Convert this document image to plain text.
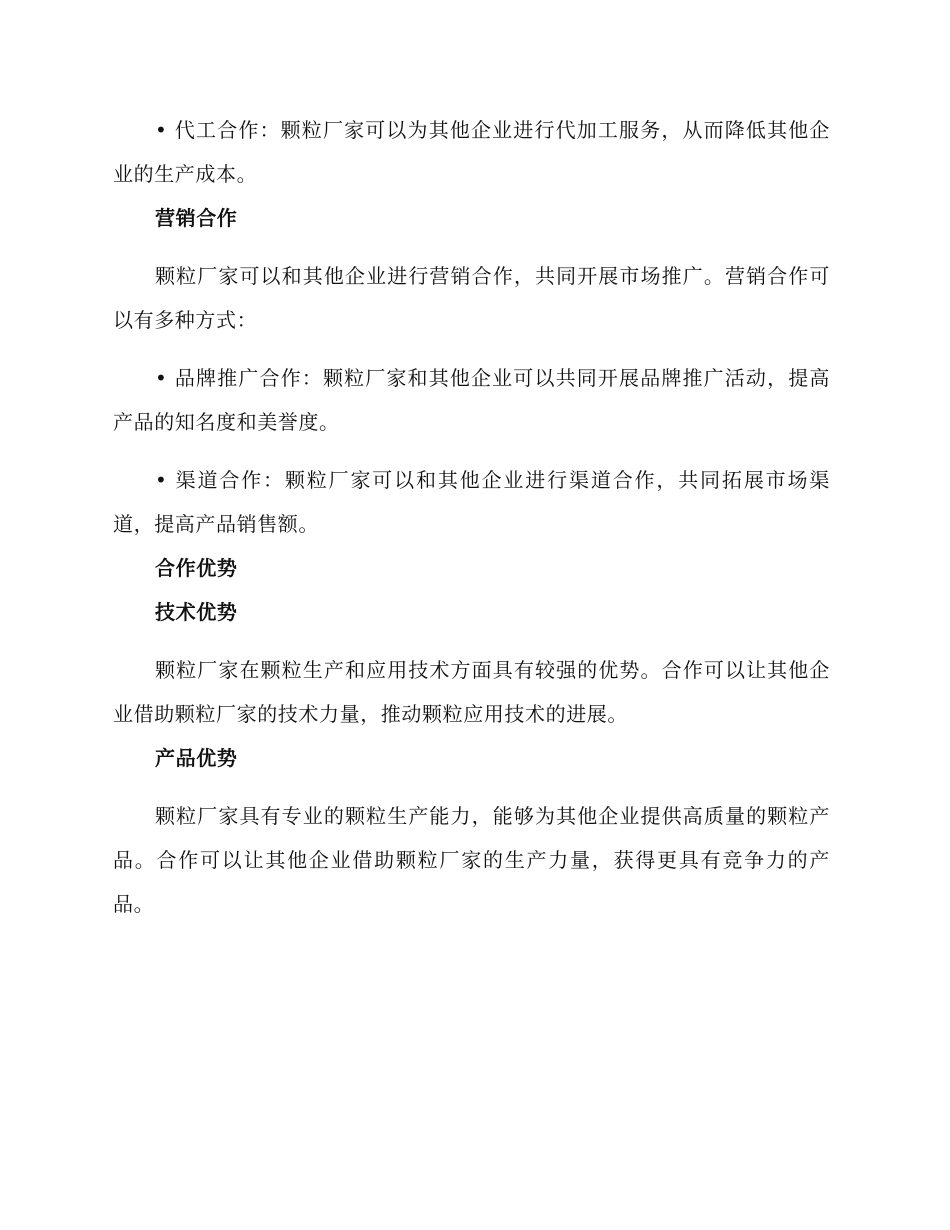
• 代工合作：颗粒厂家可以为其他企业进行代加工服务，从而降低其他企业的生产成本。

营销合作

颗粒厂家可以和其他企业进行营销合作，共同开展市场推广。营销合作可以有多种方式：

• 品牌推广合作：颗粒厂家和其他企业可以共同开展品牌推广活动，提高产品的知名度和美誉度。

• 渠道合作：颗粒厂家可以和其他企业进行渠道合作，共同拓展市场渠道，提高产品销售额。

合作优势
技术优势

颗粒厂家在颗粒生产和应用技术方面具有较强的优势。合作可以让其他企业借助颗粒厂家的技术力量，推动颗粒应用技术的进展。

产品优势

颗粒厂家具有专业的颗粒生产能力，能够为其他企业提供高质量的颗粒产品。合作可以让其他企业借助颗粒厂家的生产力量，获得更具有竞争力的产品。
